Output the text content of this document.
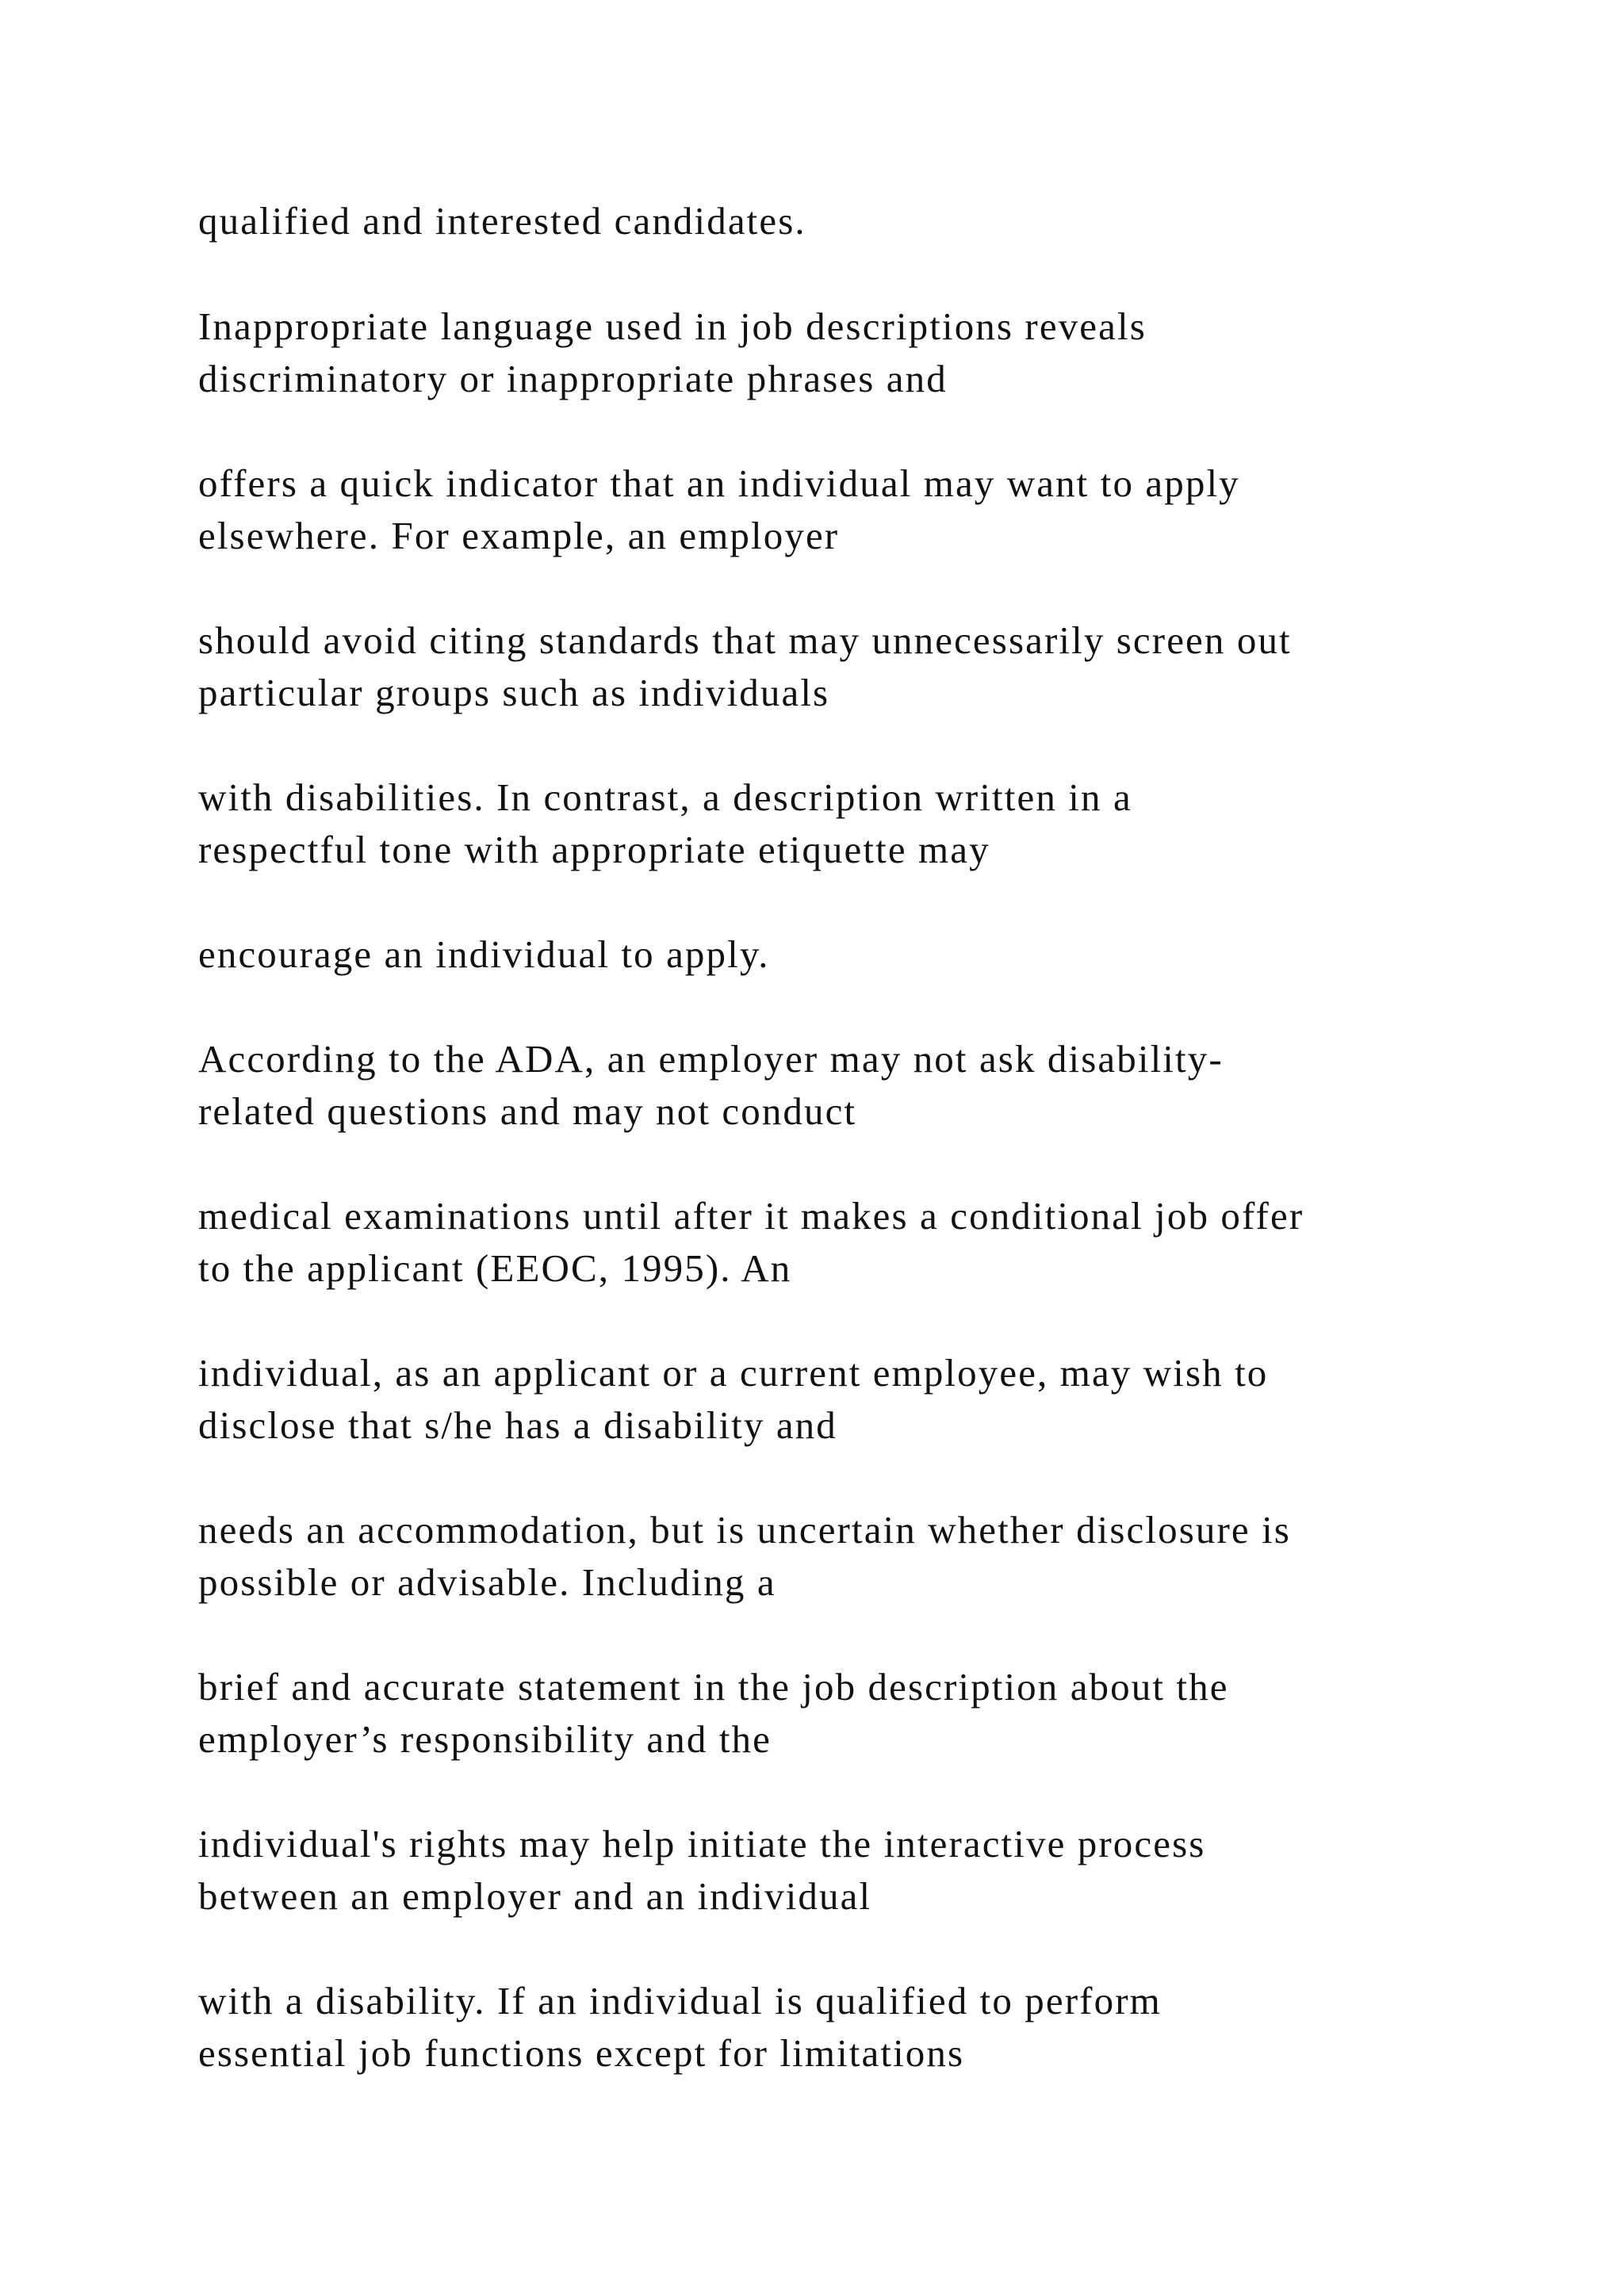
qualified and interested candidates.

Inappropriate language used in job descriptions reveals
discriminatory or inappropriate phrases and

offers a quick indicator that an individual may want to apply
elsewhere. For example, an employer

should avoid citing standards that may unnecessarily screen out
particular groups such as individuals

with disabilities. In contrast, a description written in a
respectful tone with appropriate etiquette may

encourage an individual to apply.

According to the ADA, an employer may not ask disability-
related questions and may not conduct

medical examinations until after it makes a conditional job offer
to the applicant (EEOC, 1995). An

individual, as an applicant or a current employee, may wish to
disclose that s/he has a disability and

needs an accommodation, but is uncertain whether disclosure is
possible or advisable. Including a

brief and accurate statement in the job description about the
employer’s responsibility and the

individual's rights may help initiate the interactive process
between an employer and an individual

with a disability. If an individual is qualified to perform
essential job functions except for limitations
